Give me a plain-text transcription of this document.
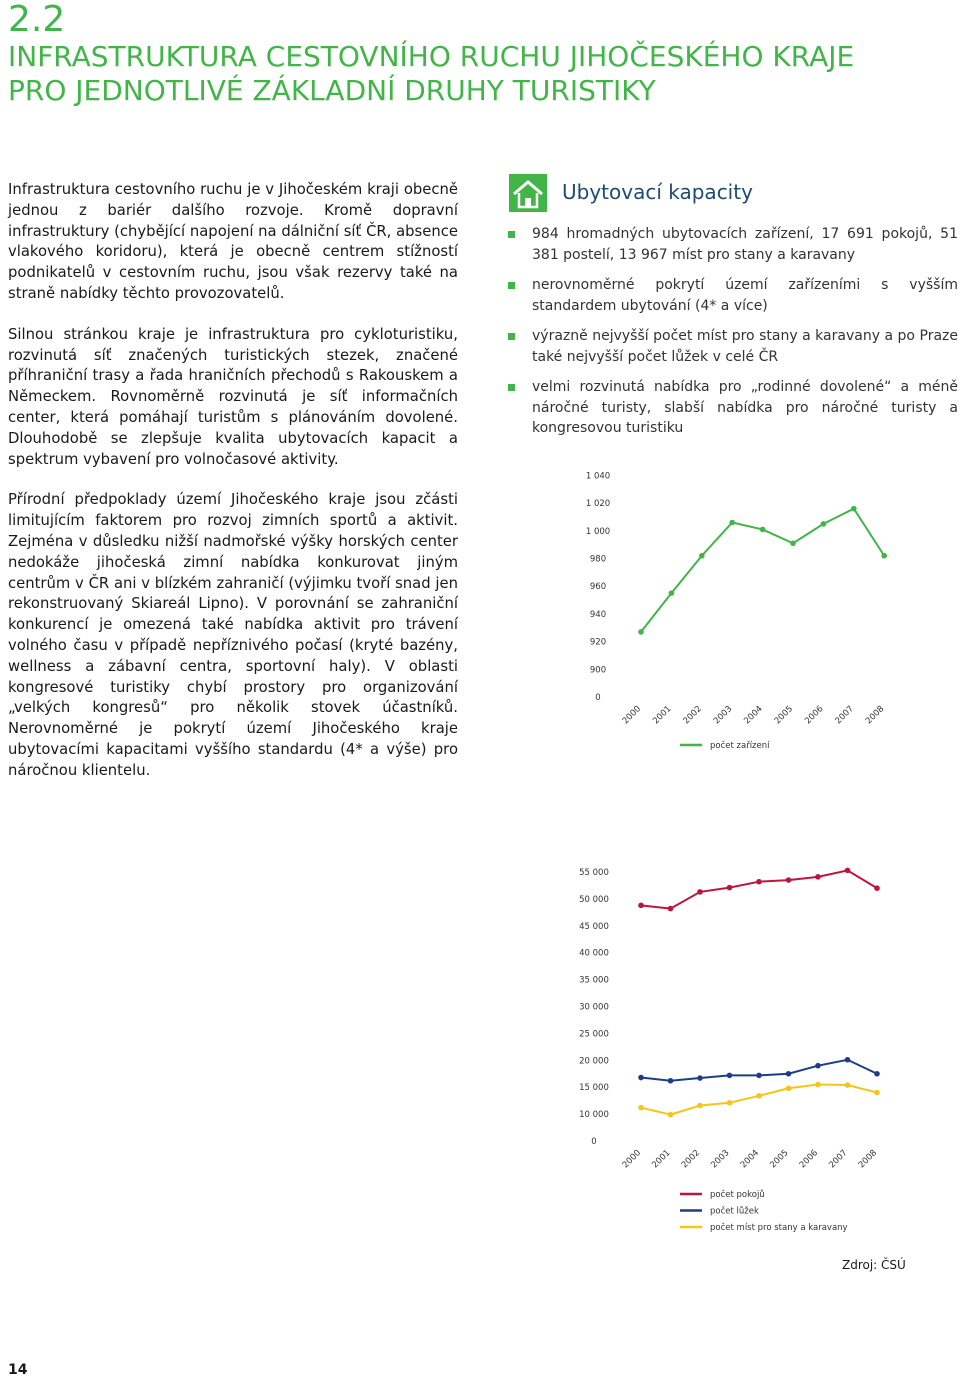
2.2
INFRASTRUKTURA CESTOVNÍHO RUCHU JIHOČESKÉHO KRAJE PRO JEDNOTLIVÉ ZÁKLADNÍ DRUHY TURISTIKY

Infrastruktura cestovního ruchu je v Jihočeském kraji obecně jednou z bariér dalšího rozvoje. Kromě dopravní infrastruktury (chybějící napojení na dálniční síť ČR, absence vlakového koridoru), která je obecně centrem stížností podnikatelů v cestovním ruchu, jsou však rezervy také na straně nabídky těchto provozovatelů.

Silnou stránkou kraje je infrastruktura pro cykloturistiku, rozvinutá síť značených turistických stezek, značené příhraniční trasy a řada hraničních přechodů s Rakouskem a Německem. Rovnoměrně rozvinutá je síť informačních center, která pomáhají turistům s plánováním dovolené. Dlouhodobě se zlepšuje kvalita ubytovacích kapacit a spektrum vybavení pro volnočasové aktivity.

Přírodní předpoklady území Jihočeského kraje jsou zčásti limitujícím faktorem pro rozvoj zimních sportů a aktivit. Zejména v důsledku nižší nadmořské výšky horských center nedokáže jihočeská zimní nabídka konkurovat jiným centrům v ČR ani v blízkém zahraničí (výjimku tvoří snad jen rekonstruovaný Skiareál Lipno). V porovnání se zahraniční konkurencí je omezená také nabídka aktivit pro trávení volného času v případě nepříznivého počasí (kryté bazény, wellness a zábavní centra, sportovní haly). V oblasti kongresové turistiky chybí prostory pro organizování „velkých kongresů“ pro několik stovek účastníků. Nerovnoměrné je pokrytí území Jihočeského kraje ubytovacími kapacitami vyššího standardu (4* a výše) pro náročnou klientelu.

Ubytovací kapacity
984 hromadných ubytovacích zařízení, 17 691 pokojů, 51 381 postelí, 13 967 míst pro stany a karavany
nerovnoměrné pokrytí území zařízeními s vyšším standardem ubytování (4* a více)
výrazně nejvyšší počet míst pro stany a karavany a po Praze také nejvyšší počet lůžek v celé ČR
velmi rozvinutá nabídka pro „rodinné dovolené“ a méně náročné turisty, slabší nabídka pro náročné turisty a kongresovou turistiku
0
900
920
940
960
980
1 000
1 020
1 040
2000 2001 2002 2003 2004 2005 2006 2007 2008
počet zařízení
0
10 000
15 000
20 000
25 000
30 000
35 000
40 000
45 000
50 000
55 000
2000 2001 2002 2003 2004 2005 2006 2007 2008
počet pokojů
počet lůžek
počet míst pro stany a karavany
Zdroj: ČSÚ
14
